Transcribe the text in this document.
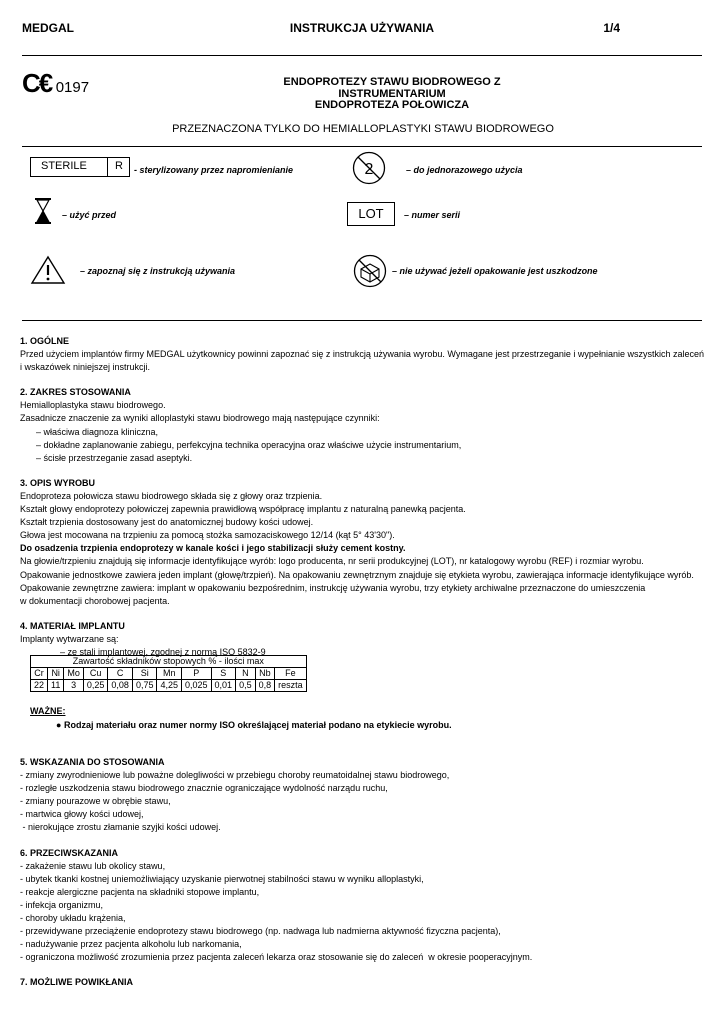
MEDGAL	INSTRUKCJA UŻYWANIA	1/4
C€ 0197	ENDOPROTEZY STAWU BIODROWEGO Z INSTRUMENTARIUM
ENDOPROTEZA POŁOWICZA
PRZEZNACZONA TYLKO DO HEMIALLOPLASTYKI STAWU BIODROWEGO
STERILE	R - sterylizowany przez napromienianie	2	– do jednorazowego użycia
– użyć przed	LOT	– numer serii
– zapoznaj się z instrukcją używania	– nie używać jeżeli opakowanie jest uszkodzone
1. OGÓLNE
Przed użyciem implantów firmy MEDGAL użytkownicy powinni zapoznać się z instrukcją używania wyrobu. Wymagane jest przestrzeganie i wypełnianie wszystkich zaleceń i wskazówek niniejszej instrukcji.
2. ZAKRES STOSOWANIA
Hemialloplastyka stawu biodrowego.
Zasadnicze znaczenie za wyniki alloplastyki stawu biodrowego mają następujące czynniki:
– właściwa diagnoza kliniczna,
– dokładne zaplanowanie zabiegu, perfekcyjna technika operacyjna oraz właściwe użycie instrumentarium,
– ścisłe przestrzeganie zasad aseptyki.
3. OPIS WYROBU
Endoproteza połowicza stawu biodrowego składa się z głowy oraz trzpienia.
Kształt głowy endoprotezy połowiczej zapewnia prawidłową współpracę implantu z naturalną panewką pacjenta.
Kształt trzpienia dostosowany jest do anatomicznej budowy kości udowej.
Głowa jest mocowana na trzpieniu za pomocą stożka samozaciskowego 12/14 (kąt 5° 43'30").
Do osadzenia trzpienia endoprotezy w kanale kości i jego stabilizacji służy cement kostny.
Na głowie/trzpieniu znajdują się informacje identyfikujące wyrób: logo producenta, nr serii produkcyjnej (LOT), nr katalogowy wyrobu (REF) i rozmiar wyrobu.
Opakowanie jednostkowe zawiera jeden implant (głowę/trzpień). Na opakowaniu zewnętrznym znajduje się etykieta wyrobu, zawierająca informacje identyfikujące wyrób.
Opakowanie zewnętrzne zawiera: implant w opakowaniu bezpośrednim, instrukcję używania wyrobu, trzy etykiety archiwalne przeznaczone do umieszczenia
w dokumentacji chorobowej pacjenta.
4. MATERIAŁ IMPLANTU
Implanty wytwarzane są:
– ze stali implantowej, zgodnej z normą ISO 5832-9
Zawartość składników stopowych % - ilości max											
Cr	Ni	Mo	Cu	C	Si	Mn	P	S	N	Nb	Fe
22	11	3	0,25	0,08	0,75	4,25	0,025	0,01	0,5	0,8	reszta
WAŻNE:
● Rodzaj materiału oraz numer normy ISO określającej materiał podano na etykiecie wyrobu.
5. WSKAZANIA DO STOSOWANIA
- zmiany zwyrodnieniowe lub poważne dolegliwości w przebiegu choroby reumatoidalnej stawu biodrowego,
- rozległe uszkodzenia stawu biodrowego znacznie ograniczające wydolność narządu ruchu,
- zmiany pourazowe w obrębie stawu,
- martwica głowy kości udowej,
- nierokujące zrostu złamanie szyjki kości udowej.
6. PRZECIWSKAZANIA
- zakażenie stawu lub okolicy stawu,
- ubytek tkanki kostnej uniemożliwiający uzyskanie pierwotnej stabilności stawu w wyniku alloplastyki,
- reakcje alergiczne pacjenta na składniki stopowe implantu,
- infekcja organizmu,
- choroby układu krążenia,
- przewidywane przeciążenie endoprotezy stawu biodrowego (np. nadwaga lub nadmierna aktywność fizyczna pacjenta),
- nadużywanie przez pacjenta alkoholu lub narkomania,
- ograniczona możliwość zrozumienia przez pacjenta zaleceń lekarza oraz stosowanie się do zaleceń  w okresie pooperacyjnym.
7. MOŻLIWE POWIKŁANIA
